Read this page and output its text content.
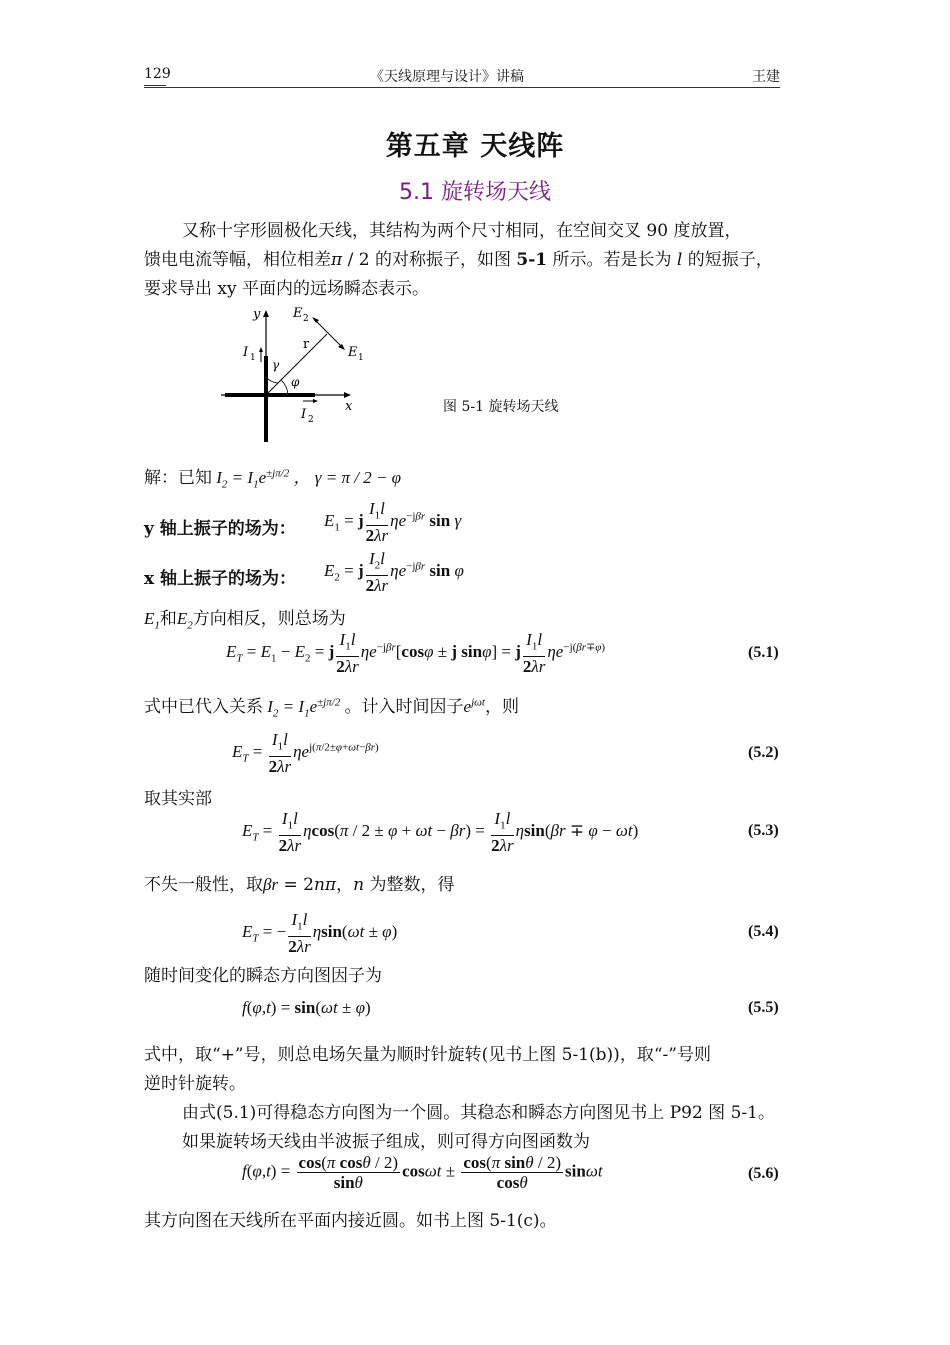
129	《天线原理与设计》讲稿	王建
第五章 天线阵
5.1 旋转场天线
又称十字形圆极化天线，其结构为两个尺寸相同，在空间交叉 90 度放置，
馈电电流等幅，相位相差π / 2 的对称振子，如图 5-1 所示。若是长为 l 的短振子，
要求导出 xy 平面内的远场瞬态表示。
y
x
E 2
E 1
r
I 1
I 2
γ
φ
图 5-1 旋转场天线
解：已知 $I_2 = I_1e^{\pm j\pi/2}$ ， γ = π / 2 − φ
y 轴上振子的场为： $E_1 = j \frac{I_1l}{2\lambda r} \eta e^{-j\beta r}$ sin γ
x 轴上振子的场为： $E_2 = j \frac{I_2l}{2\lambda r} \eta e^{-j\beta r}$ sin φ
$E_1$和$E_2$方向相反，则总场为
$E_T = E_1 - E_2 = j \frac{I_1l}{2\lambda r} \eta e^{-j\beta r}[\cos\varphi \pm j$ sinφ] = j $\frac{I_1l}{2\lambda r} \eta e^{-j(\beta r\mp\varphi)}$	(5.1)
式中已代入关系 $I_2 = I_1e^{\pm j\pi/2}$ 。计入时间因子$e^{j\omega t}$，则
$E_T = \frac{I_1l}{2\lambda r} \eta e^{j(\pi/2\pm\varphi+\omega t-\beta r)}$	(5.2)
取其实部
$E_T = \frac{I_1l}{2\lambda r} \eta\cos(\pi / 2 \pm \varphi + \omega t - \beta r) = \frac{I_1l}{2\lambda r} \eta\sin(\beta r \mp \varphi - \omega t)$	(5.3)
不失一般性，取βr = 2nπ，n 为整数，得
$E_T$ = − $\frac{I_1l}{2\lambda r} \eta\sin(\omega t \pm \varphi)$	(5.4)
随时间变化的瞬态方向图因子为
f(φ,t) = sin(ωt ± φ)	(5.5)
式中，取“+”号，则总电场矢量为顺时针旋转(见书上图 5-1(b))，取“-”号则
逆时针旋转。
由式(5.1)可得稳态方向图为一个圆。其稳态和瞬态方向图见书上 P92 图 5-1。
如果旋转场天线由半波振子组成，则可得方向图函数为
$f(\varphi,t) = \frac{\text{cos(π cosθ / 2)}}{\sin\theta}$ $\cos\omega t \pm \frac{\text{cos(π sinθ / 2)}}{\cos\theta}$ sinωt	(5.6)
其方向图在天线所在平面内接近圆。如书上图 5-1(c)。
